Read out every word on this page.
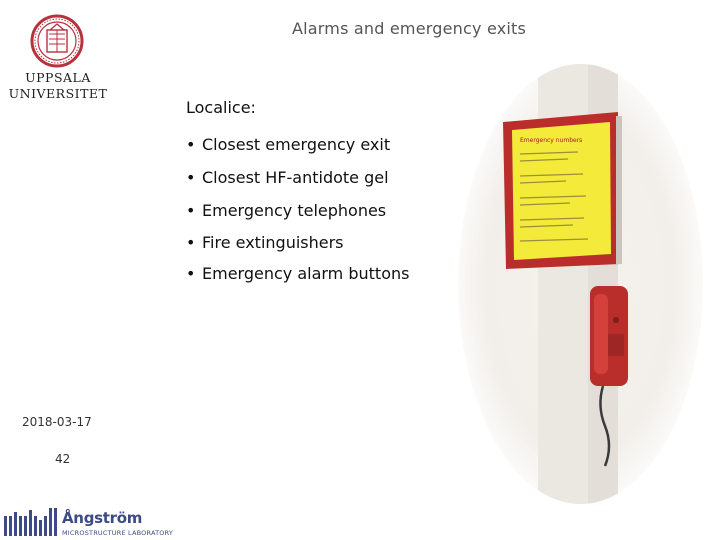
UPPSALA
UNIVERSITET
2018-03-17
42
Alarms and emergency exits
Localice:
• Closest emergency exit
• Closest HF-antidote gel
• Emergency telephones
• Fire extinguishers
• Emergency alarm buttons
Emergency numbers
Ångström
MICROSTRUCTURE LABORATORY
